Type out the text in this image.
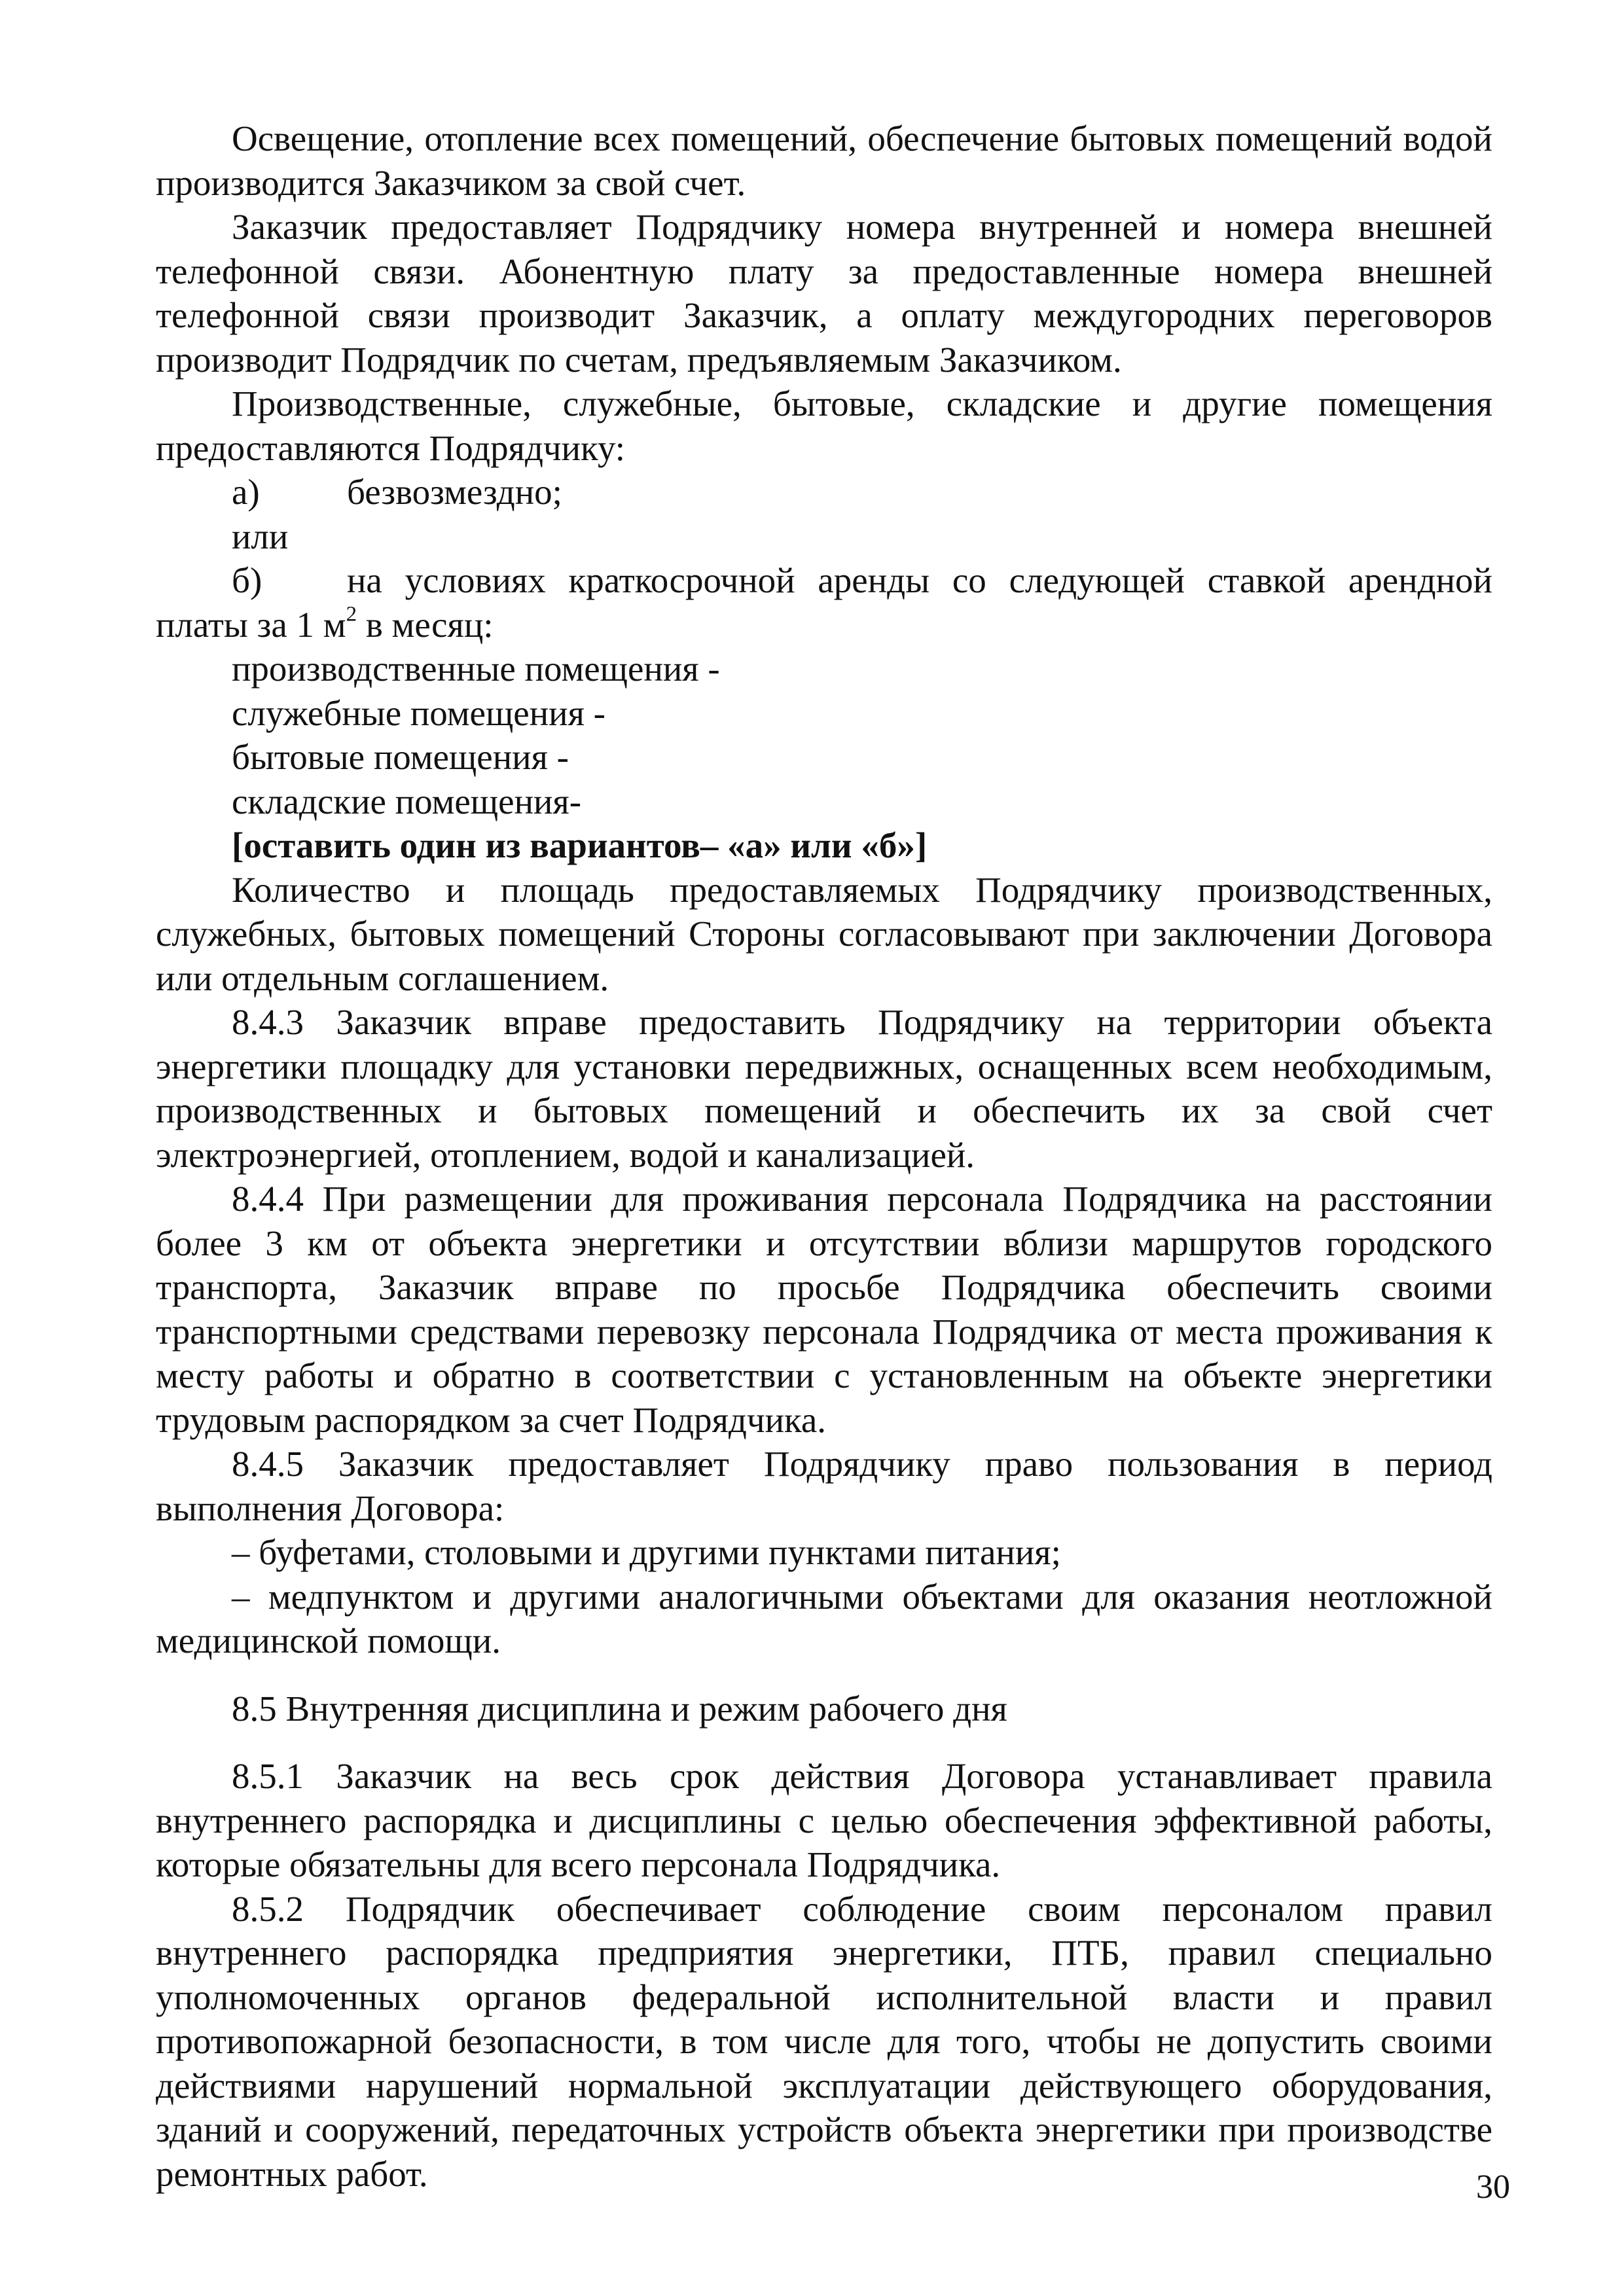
Освещение, отопление всех помещений, обеспечение бытовых помещений водой производится Заказчиком за свой счет.

Заказчик предоставляет Подрядчику номера внутренней и номера внешней телефонной связи. Абонентную плату за предоставленные номера внешней телефонной связи производит Заказчик, а оплату междугородних переговоров производит Подрядчик по счетам, предъявляемым Заказчиком.

Производственные, служебные, бытовые, складские и другие помещения предоставляются Подрядчику:

а) безвозмездно;

или

б) на условиях краткосрочной аренды со следующей ставкой арендной платы за 1 $м^2$ в месяц:

производственные помещения -

служебные помещения -

бытовые помещения -

складские помещения-

[оставить один из вариантов– «а» или «б»]

Количество и площадь предоставляемых Подрядчику производственных, служебных, бытовых помещений Стороны согласовывают при заключении Договора или отдельным соглашением.

8.4.3 Заказчик вправе предоставить Подрядчику на территории объекта энергетики площадку для установки передвижных, оснащенных всем необходимым, производственных и бытовых помещений и обеспечить их за свой счет электроэнергией, отоплением, водой и канализацией.

8.4.4 При размещении для проживания персонала Подрядчика на расстоянии более 3 км от объекта энергетики и отсутствии вблизи маршрутов городского транспорта, Заказчик вправе по просьбе Подрядчика обеспечить своими транспортными средствами перевозку персонала Подрядчика от места проживания к месту работы и обратно в соответствии с установленным на объекте энергетики трудовым распорядком за счет Подрядчика.

8.4.5 Заказчик предоставляет Подрядчику право пользования в период выполнения Договора:

– буфетами, столовыми и другими пунктами питания;

– медпунктом и другими аналогичными объектами для оказания неотложной медицинской помощи.

8.5 Внутренняя дисциплина и режим рабочего дня

8.5.1 Заказчик на весь срок действия Договора устанавливает правила внутреннего распорядка и дисциплины с целью обеспечения эффективной работы, которые обязательны для всего персонала Подрядчика.

8.5.2 Подрядчик обеспечивает соблюдение своим персоналом правил внутреннего распорядка предприятия энергетики, ПТБ, правил специально уполномоченных органов федеральной исполнительной власти и правил противопожарной безопасности, в том числе для того, чтобы не допустить своими действиями нарушений нормальной эксплуатации действующего оборудования, зданий и сооружений, передаточных устройств объекта энергетики при производстве ремонтных работ.	30
